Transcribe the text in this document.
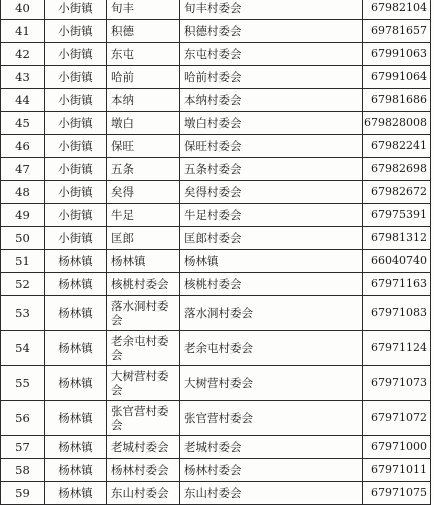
40	小街镇	旬丰	旬丰村委会	67982104
41	小街镇	积德	积德村委会	69781657
42	小街镇	东屯	东屯村委会	67991063
43	小街镇	哈前	哈前村委会	67991064
44	小街镇	本纳	本纳村委会	67981686
45	小街镇	墩白	墩白村委会	679828008
46	小街镇	保旺	保旺村委会	67982241
47	小街镇	五条	五条村委会	67982698
48	小街镇	矣得	矣得村委会	67982672
49	小街镇	牛足	牛足村委会	67975391
50	小街镇	匡郎	匡郎村委会	67981312
51	杨林镇	杨林镇	杨林镇	66040740
52	杨林镇	核桃村委会	核桃村委会	67971163
53	杨林镇	落水洞村委会	落水洞村委会	67971083
54	杨林镇	老余屯村委会	老余屯村委会	67971124
55	杨林镇	大树营村委会	大树营村委会	67971073
56	杨林镇	张官营村委会	张官营村委会	67971072
57	杨林镇	老城村委会	老城村委会	67971000
58	杨林镇	杨林村委会	杨林村委会	67971011
59	杨林镇	东山村委会	东山村委会	67971075
